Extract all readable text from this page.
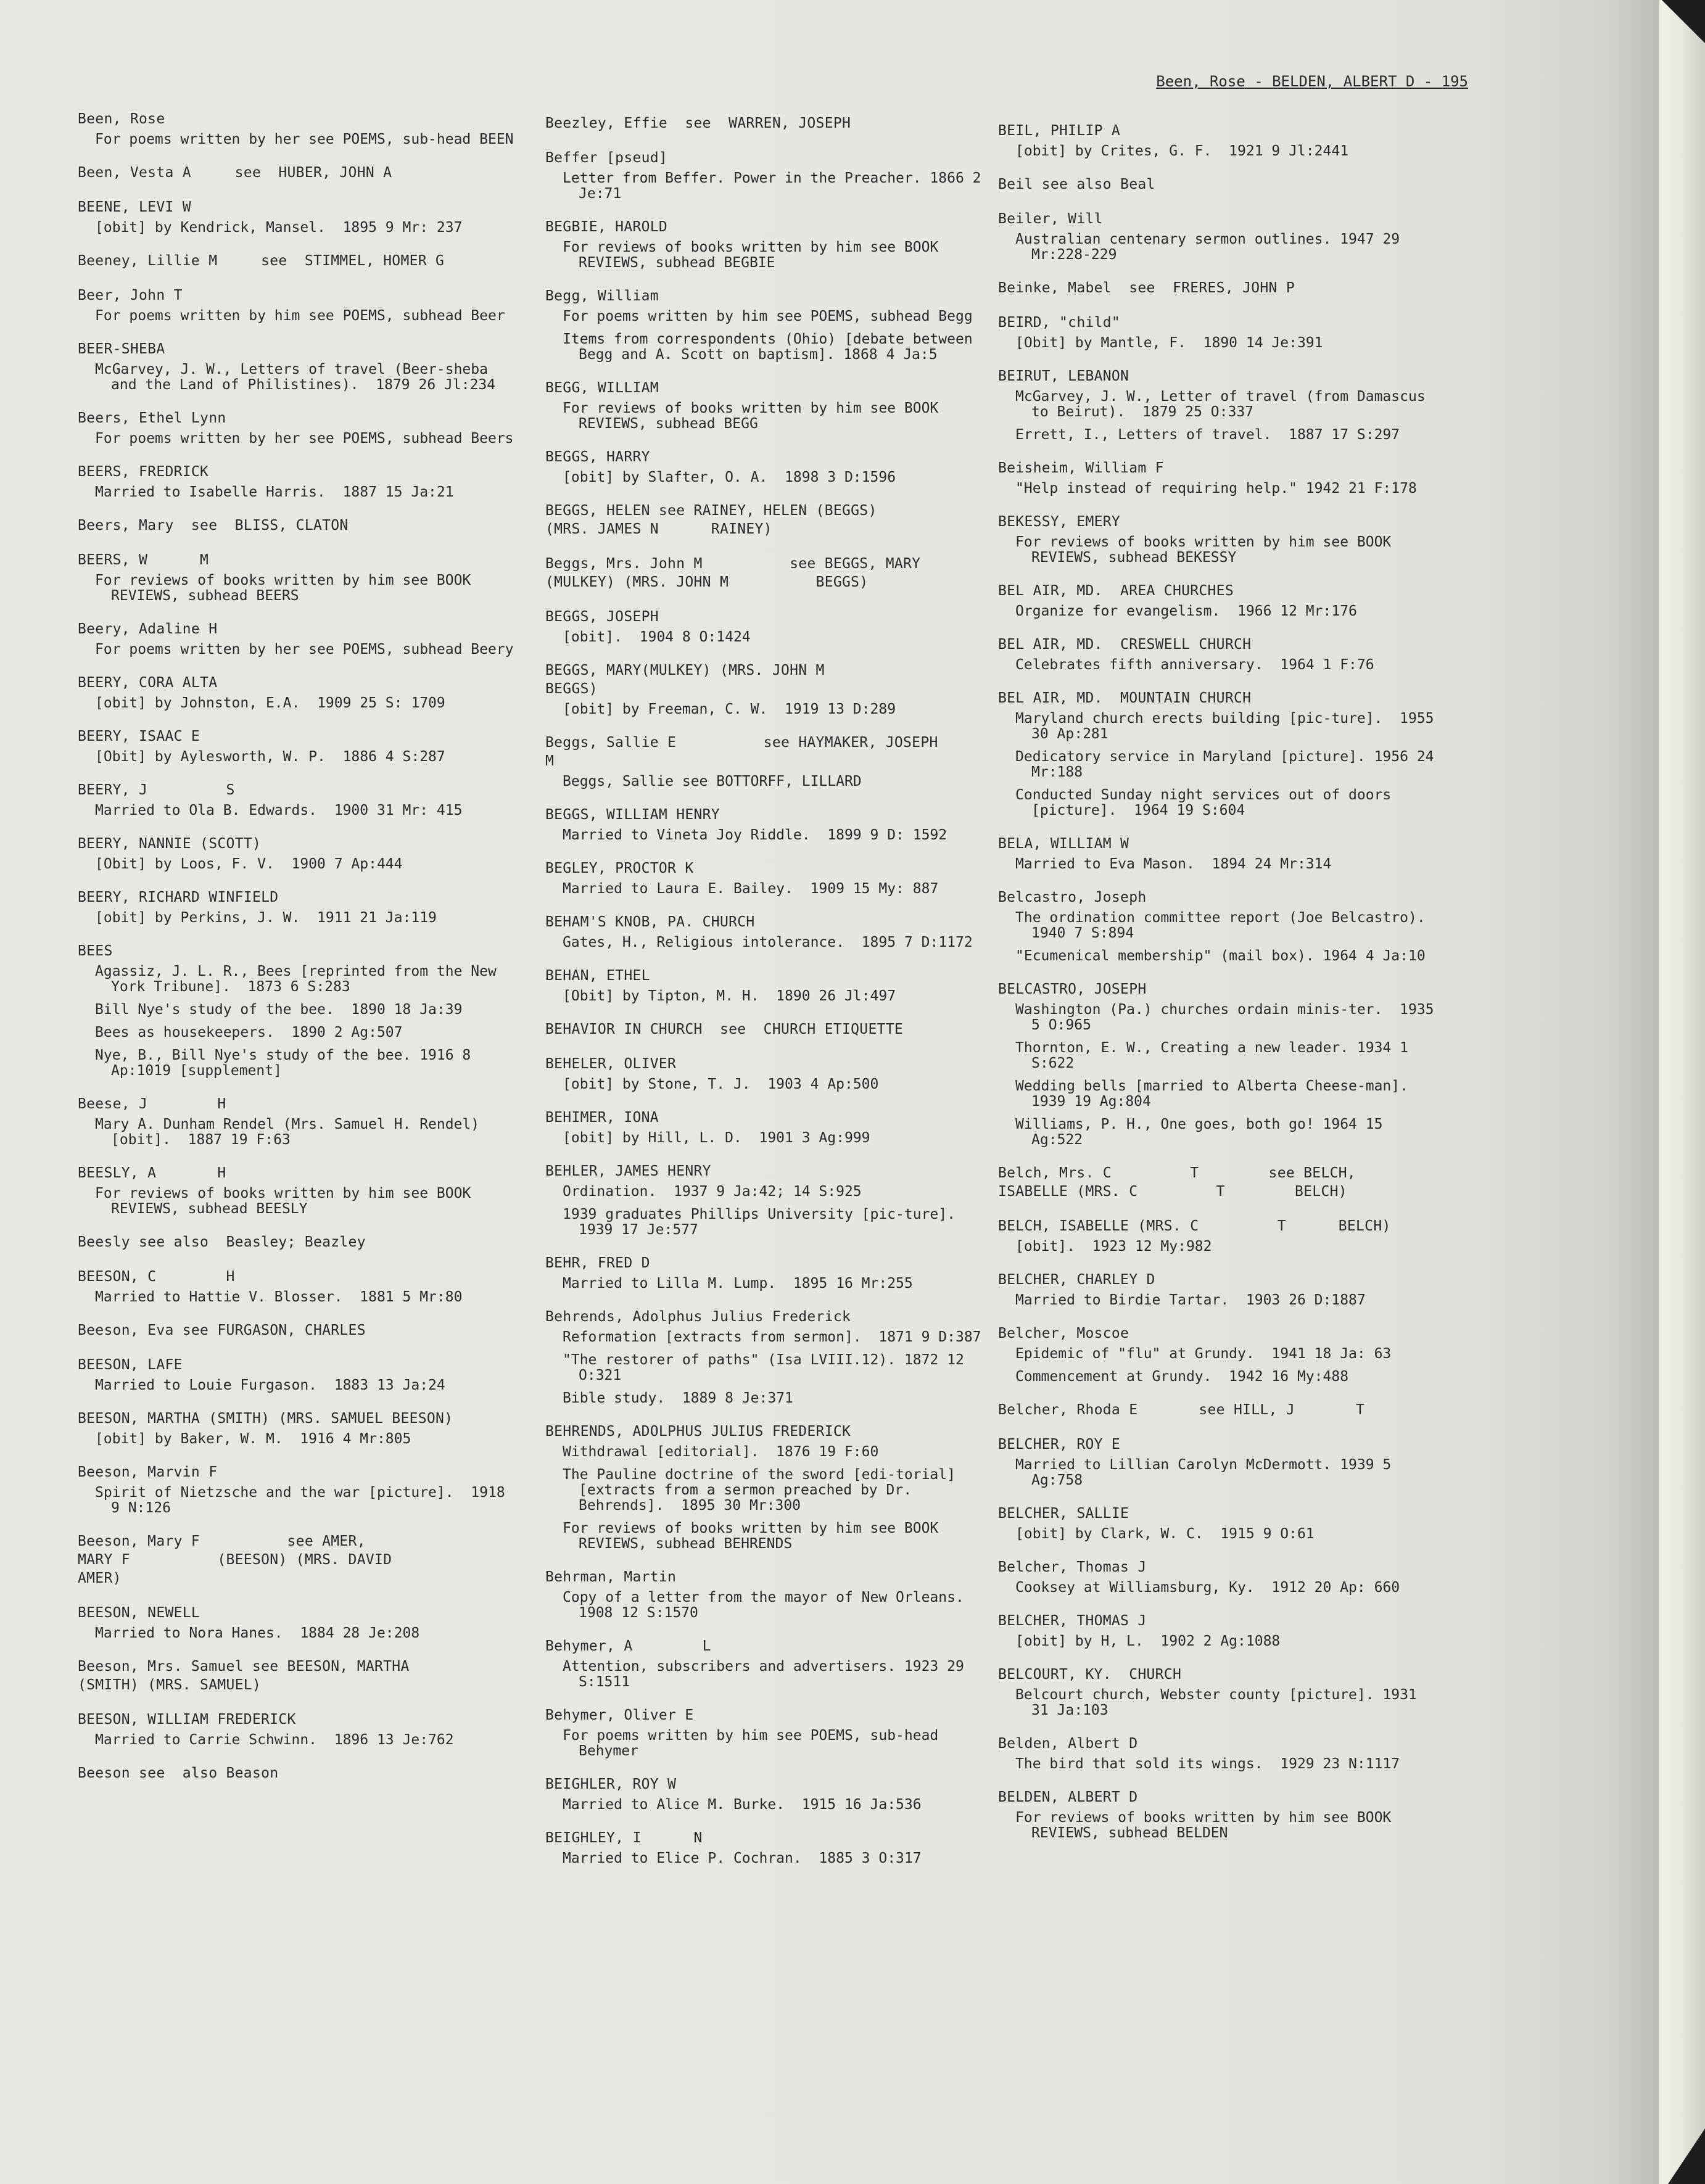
Been, Rose - BELDEN, ALBERT D - 195
Been, Rose
For poems written by her see POEMS, sub-head BEEN
Been, Vesta A     see  HUBER, JOHN A
BEENE, LEVI W
[obit] by Kendrick, Mansel.  1895 9 Mr: 237
Beeney, Lillie M     see  STIMMEL, HOMER G
Beer, John T
For poems written by him see POEMS, subhead Beer
BEER-SHEBA
McGarvey, J. W., Letters of travel (Beer-sheba and the Land of Philistines).  1879 26 Jl:234
Beers, Ethel Lynn
For poems written by her see POEMS, subhead Beers
BEERS, FREDRICK
Married to Isabelle Harris.  1887 15 Ja:21
Beers, Mary  see  BLISS, CLATON
BEERS, W      M
For reviews of books written by him see BOOK REVIEWS, subhead BEERS
Beery, Adaline H
For poems written by her see POEMS, subhead Beery
BEERY, CORA ALTA
[obit] by Johnston, E.A.  1909 25 S: 1709
BEERY, ISAAC E
[Obit] by Aylesworth, W. P.  1886 4 S:287
BEERY, J         S
Married to Ola B. Edwards.  1900 31 Mr: 415
BEERY, NANNIE (SCOTT)
[Obit] by Loos, F. V.  1900 7 Ap:444
BEERY, RICHARD WINFIELD
[obit] by Perkins, J. W.  1911 21 Ja:119
BEES
Agassiz, J. L. R., Bees [reprinted from the New York Tribune].  1873 6 S:283
Bill Nye's study of the bee.  1890 18 Ja:39
Bees as housekeepers.  1890 2 Ag:507
Nye, B., Bill Nye's study of the bee. 1916 8 Ap:1019 [supplement]
Beese, J        H
Mary A. Dunham Rendel (Mrs. Samuel H. Rendel) [obit].  1887 19 F:63
BEESLY, A       H
For reviews of books written by him see BOOK REVIEWS, subhead BEESLY
Beesly see also  Beasley; Beazley
BEESON, C        H
Married to Hattie V. Blosser.  1881 5 Mr:80
Beeson, Eva see FURGASON, CHARLES
BEESON, LAFE
Married to Louie Furgason.  1883 13 Ja:24
BEESON, MARTHA (SMITH) (MRS. SAMUEL BEESON)
[obit] by Baker, W. M.  1916 4 Mr:805
Beeson, Marvin F
Spirit of Nietzsche and the war [picture].  1918 9 N:126
Beeson, Mary F          see AMER,
MARY F          (BEESON) (MRS. DAVID
AMER)
BEESON, NEWELL
Married to Nora Hanes.  1884 28 Je:208
Beeson, Mrs. Samuel see BEESON, MARTHA
(SMITH) (MRS. SAMUEL)
BEESON, WILLIAM FREDERICK
Married to Carrie Schwinn.  1896 13 Je:762
Beeson see  also Beason
Beezley, Effie  see  WARREN, JOSEPH
Beffer [pseud]
Letter from Beffer. Power in the Preacher. 1866 2 Je:71
BEGBIE, HAROLD
For reviews of books written by him see BOOK REVIEWS, subhead BEGBIE
Begg, William
For poems written by him see POEMS, subhead Begg
Items from correspondents (Ohio) [debate between Begg and A. Scott on baptism]. 1868 4 Ja:5
BEGG, WILLIAM
For reviews of books written by him see BOOK REVIEWS, subhead BEGG
BEGGS, HARRY
[obit] by Slafter, O. A.  1898 3 D:1596
BEGGS, HELEN see RAINEY, HELEN (BEGGS)
(MRS. JAMES N      RAINEY)
Beggs, Mrs. John M          see BEGGS, MARY
(MULKEY) (MRS. JOHN M          BEGGS)
BEGGS, JOSEPH
[obit].  1904 8 O:1424
BEGGS, MARY(MULKEY) (MRS. JOHN M
BEGGS)
[obit] by Freeman, C. W.  1919 13 D:289
Beggs, Sallie E          see HAYMAKER, JOSEPH
M
Beggs, Sallie see BOTTORFF, LILLARD
BEGGS, WILLIAM HENRY
Married to Vineta Joy Riddle.  1899 9 D: 1592
BEGLEY, PROCTOR K
Married to Laura E. Bailey.  1909 15 My: 887
BEHAM'S KNOB, PA. CHURCH
Gates, H., Religious intolerance.  1895 7 D:1172
BEHAN, ETHEL
[Obit] by Tipton, M. H.  1890 26 Jl:497
BEHAVIOR IN CHURCH  see  CHURCH ETIQUETTE
BEHELER, OLIVER
[obit] by Stone, T. J.  1903 4 Ap:500
BEHIMER, IONA
[obit] by Hill, L. D.  1901 3 Ag:999
BEHLER, JAMES HENRY
Ordination.  1937 9 Ja:42; 14 S:925
1939 graduates Phillips University [pic-ture].  1939 17 Je:577
BEHR, FRED D
Married to Lilla M. Lump.  1895 16 Mr:255
Behrends, Adolphus Julius Frederick
Reformation [extracts from sermon].  1871 9 D:387
"The restorer of paths" (Isa LVIII.12). 1872 12 O:321
Bible study.  1889 8 Je:371
BEHRENDS, ADOLPHUS JULIUS FREDERICK
Withdrawal [editorial].  1876 19 F:60
The Pauline doctrine of the sword [edi-torial] [extracts from a sermon preached by Dr. Behrends].  1895 30 Mr:300
For reviews of books written by him see BOOK REVIEWS, subhead BEHRENDS
Behrman, Martin
Copy of a letter from the mayor of New Orleans.  1908 12 S:1570
Behymer, A        L
Attention, subscribers and advertisers. 1923 29 S:1511
Behymer, Oliver E
For poems written by him see POEMS, sub-head Behymer
BEIGHLER, ROY W
Married to Alice M. Burke.  1915 16 Ja:536
BEIGHLEY, I      N
Married to Elice P. Cochran.  1885 3 O:317
BEIL, PHILIP A
[obit] by Crites, G. F.  1921 9 Jl:2441
Beil see also Beal
Beiler, Will
Australian centenary sermon outlines. 1947 29 Mr:228-229
Beinke, Mabel  see  FRERES, JOHN P
BEIRD, "child"
[Obit] by Mantle, F.  1890 14 Je:391
BEIRUT, LEBANON
McGarvey, J. W., Letter of travel (from Damascus to Beirut).  1879 25 O:337
Errett, I., Letters of travel.  1887 17 S:297
Beisheim, William F
"Help instead of requiring help." 1942 21 F:178
BEKESSY, EMERY
For reviews of books written by him see BOOK REVIEWS, subhead BEKESSY
BEL AIR, MD.  AREA CHURCHES
Organize for evangelism.  1966 12 Mr:176
BEL AIR, MD.  CRESWELL CHURCH
Celebrates fifth anniversary.  1964 1 F:76
BEL AIR, MD.  MOUNTAIN CHURCH
Maryland church erects building [pic-ture].  1955 30 Ap:281
Dedicatory service in Maryland [picture]. 1956 24 Mr:188
Conducted Sunday night services out of doors [picture].  1964 19 S:604
BELA, WILLIAM W
Married to Eva Mason.  1894 24 Mr:314
Belcastro, Joseph
The ordination committee report (Joe Belcastro).  1940 7 S:894
"Ecumenical membership" (mail box). 1964 4 Ja:10
BELCASTRO, JOSEPH
Washington (Pa.) churches ordain minis-ter.  1935 5 O:965
Thornton, E. W., Creating a new leader. 1934 1 S:622
Wedding bells [married to Alberta Cheese-man].  1939 19 Ag:804
Williams, P. H., One goes, both go! 1964 15 Ag:522
Belch, Mrs. C         T        see BELCH,
ISABELLE (MRS. C         T        BELCH)
BELCH, ISABELLE (MRS. C         T      BELCH)
[obit].  1923 12 My:982
BELCHER, CHARLEY D
Married to Birdie Tartar.  1903 26 D:1887
Belcher, Moscoe
Epidemic of "flu" at Grundy.  1941 18 Ja: 63
Commencement at Grundy.  1942 16 My:488
Belcher, Rhoda E       see HILL, J       T
BELCHER, ROY E
Married to Lillian Carolyn McDermott. 1939 5 Ag:758
BELCHER, SALLIE
[obit] by Clark, W. C.  1915 9 O:61
Belcher, Thomas J
Cooksey at Williamsburg, Ky.  1912 20 Ap: 660
BELCHER, THOMAS J
[obit] by H, L.  1902 2 Ag:1088
BELCOURT, KY.  CHURCH
Belcourt church, Webster county [picture]. 1931 31 Ja:103
Belden, Albert D
The bird that sold its wings.  1929 23 N:1117
BELDEN, ALBERT D
For reviews of books written by him see BOOK REVIEWS, subhead BELDEN
